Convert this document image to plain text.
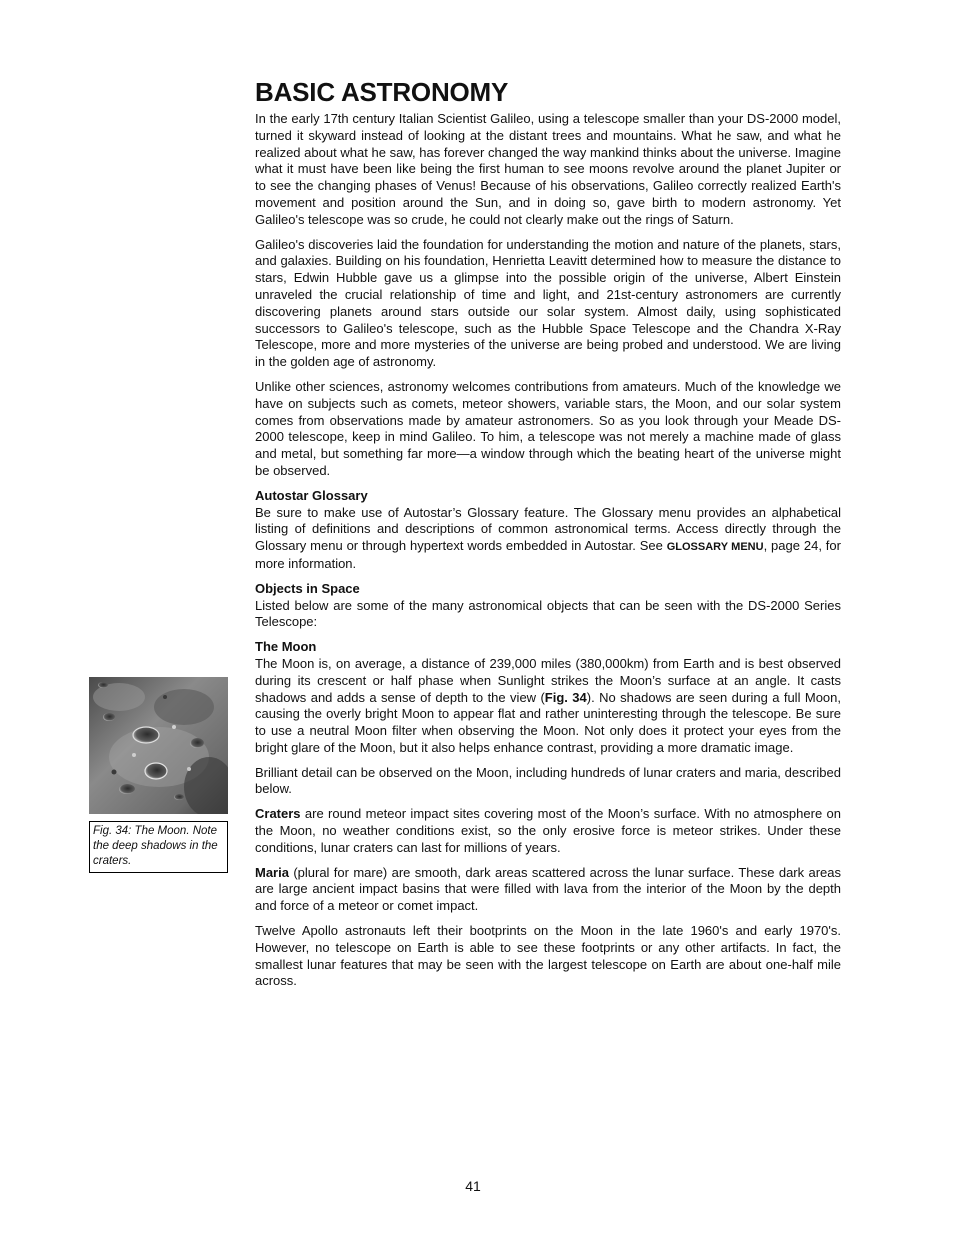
BASIC ASTRONOMY

In the early 17th century Italian Scientist Galileo, using a telescope smaller than your DS-2000 model, turned it skyward instead of looking at the distant trees and mountains. What he saw, and what he realized about what he saw, has forever changed the way mankind thinks about the universe. Imagine what it must have been like being the first human to see moons revolve around the planet Jupiter or to see the changing phases of Venus! Because of his observations, Galileo correctly realized Earth's movement and position around the Sun, and in doing so, gave birth to modern astronomy. Yet Galileo's telescope was so crude, he could not clearly make out the rings of Saturn.

Galileo's discoveries laid the foundation for understanding the motion and nature of the planets, stars, and galaxies. Building on his foundation, Henrietta Leavitt determined how to measure the distance to stars, Edwin Hubble gave us a glimpse into the possible origin of the universe, Albert Einstein unraveled the crucial relationship of time and light, and 21st-century astronomers are currently discovering planets around stars outside our solar system. Almost daily, using sophisticated successors to Galileo's telescope, such as the Hubble Space Telescope and the Chandra X-Ray Telescope, more and more mysteries of the universe are being probed and understood. We are living in the golden age of astronomy.

Unlike other sciences, astronomy welcomes contributions from amateurs. Much of the knowledge we have on subjects such as comets, meteor showers, variable stars, the Moon, and our solar system comes from observations made by amateur astronomers. So as you look through your Meade DS-2000 telescope, keep in mind Galileo. To him, a telescope was not merely a machine made of glass and metal, but something far more—a window through which the beating heart of the universe might be observed.

Autostar Glossary
Be sure to make use of Autostar’s Glossary feature. The Glossary menu provides an alphabetical listing of definitions and descriptions of common astronomical terms. Access directly through the Glossary menu or through hypertext words embedded in Autostar. See GLOSSARY MENU, page 24, for more information.

Objects in Space
Listed below are some of the many astronomical objects that can be seen with the DS-2000 Series Telescope:

The Moon
The Moon is, on average, a distance of 239,000 miles (380,000km) from Earth and is best observed during its crescent or half phase when Sunlight strikes the Moon’s surface at an angle. It casts shadows and adds a sense of depth to the view (Fig. 34). No shadows are seen during a full Moon, causing the overly bright Moon to appear flat and rather uninteresting through the telescope. Be sure to use a neutral Moon filter when observing the Moon. Not only does it protect your eyes from the bright glare of the Moon, but it also helps enhance contrast, providing a more dramatic image.

Brilliant detail can be observed on the Moon, including hundreds of lunar craters and maria, described below.

Craters are round meteor impact sites covering most of the Moon’s surface. With no atmosphere on the Moon, no weather conditions exist, so the only erosive force is meteor strikes. Under these conditions, lunar craters can last for millions of years.

Maria (plural for mare) are smooth, dark areas scattered across the lunar surface. These dark areas are large ancient impact basins that were filled with lava from the interior of the Moon by the depth and force of a meteor or comet impact.

Twelve Apollo astronauts left their bootprints on the Moon in the late 1960's and early 1970's. However, no telescope on Earth is able to see these footprints or any other artifacts. In fact, the smallest lunar features that may be seen with the largest telescope on Earth are about one-half mile across.

Fig. 34: The Moon. Note the deep shadows in the craters.
41
